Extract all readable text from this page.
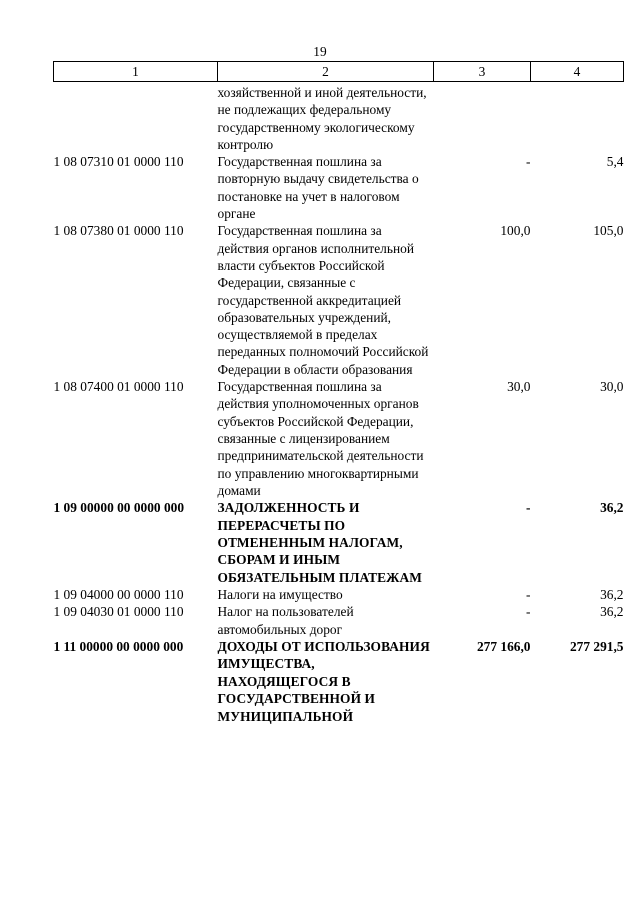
19
1	2	3	4
	хозяйственной и иной деятельности, не подлежащих федеральному государственному экологическому контролю		
1 08 07310 01 0000 110	Государственная пошлина за повторную выдачу свидетельства о постановке на учет в налоговом органе	-	5,4
1 08 07380 01 0000 110	Государственная пошлина за действия органов исполнительной власти субъектов Российской Федерации, связанные с государственной аккредитацией образовательных учреждений, осуществляемой в пределах переданных полномочий Российской Федерации в области образования	100,0	105,0
1 08 07400 01 0000 110	Государственная пошлина за действия уполномоченных органов субъектов Российской Федерации, связанные с лицензированием предпринимательской деятельности по управлению многоквартирными домами	30,0	30,0
1 09 00000 00 0000 000	ЗАДОЛЖЕННОСТЬ И ПЕРЕРАСЧЕТЫ ПО ОТМЕНЕННЫМ НАЛОГАМ, СБОРАМ И ИНЫМ ОБЯЗАТЕЛЬНЫМ ПЛАТЕЖАМ	-	36,2
1 09 04000 00 0000 110	Налоги на имущество	-	36,2
1 09 04030 01 0000 110	Налог на пользователей автомобильных дорог	-	36,2
1 11 00000 00 0000 000	ДОХОДЫ ОТ ИСПОЛЬЗОВАНИЯ ИМУЩЕСТВА, НАХОДЯЩЕГОСЯ В ГОСУДАРСТВЕННОЙ И МУНИЦИПАЛЬНОЙ	277 166,0	277 291,5
